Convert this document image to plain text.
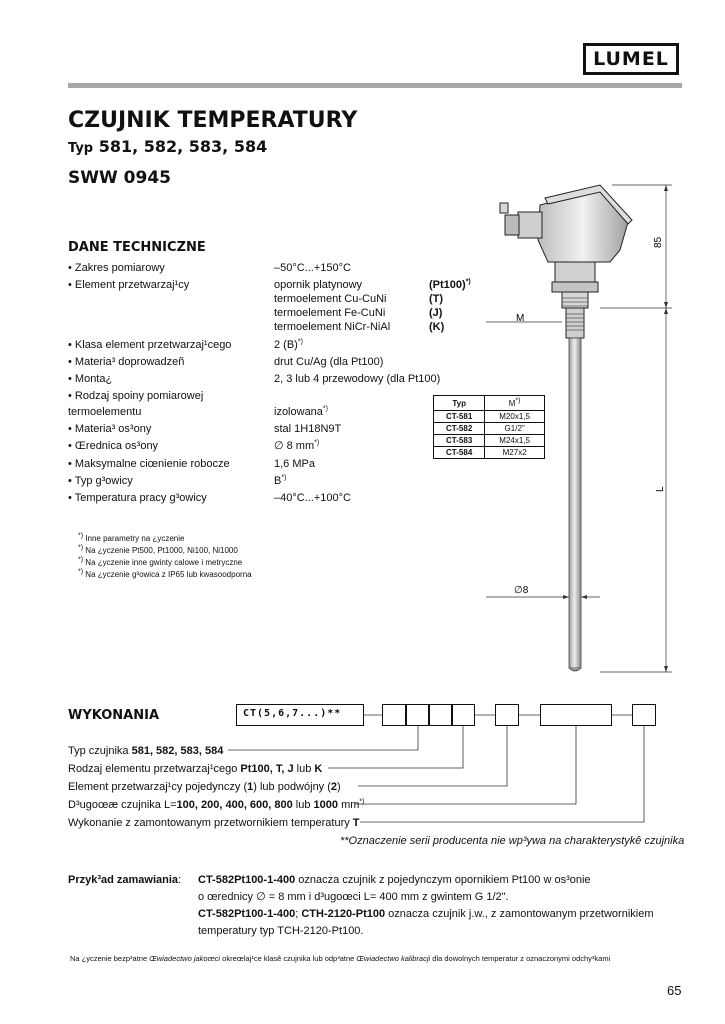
LUMEL
CZUJNIK TEMPERATURY
Typ 581, 582, 583, 584
SWW 0945
DANE TECHNICZNE
• Zakres pomiarowy	–50°C...+150°C
• Element przetwarzaj¹cy	opornik platynowy	(Pt100)*)
termoelement Cu-CuNi	(T)
termoelement Fe-CuNi	(J)
termoelement NiCr-NiAl	(K)
• Klasa element przetwarzaj¹cego	2 (B)*)
• Materia³ doprowadzeñ	drut Cu/Ag (dla Pt100)
• Monta¿	2, 3 lub 4 przewodowy (dla Pt100)
• Rodzaj spoiny pomiarowej
termoelementu	izolowana*)
• Materia³ os³ony	stal 1H18N9T
• Œrednica os³ony	∅ 8 mm*)
• Maksymalne ciœnienie robocze	1,6 MPa
• Typ g³owicy	B*)
• Temperatura pracy g³owicy	–40°C...+100°C
*) Inne parametry na ¿yczenie
*) Na ¿yczenie Pt500, Pt1000, Ni100, Ni1000
*) Na ¿yczenie inne gwinty calowe i metryczne
*) Na ¿yczenie g³owica z IP65 lub kwasoodporna
Typ	M*)
CT-581	M20x1,5
CT-582	G1/2"
CT-583	M24x1,5
CT-584	M27x2
85
M
L
∅8
WYKONANIA	CT(5,6,7...)**
Typ czujnika 581, 582, 583, 584
Rodzaj elementu przetwarzaj¹cego Pt100, T, J lub K
Element przetwarzaj¹cy pojedynczy (1) lub podwójny (2)
D³ugoœæ czujnika L=100, 200, 400, 600, 800 lub 1000 mm*)
Wykonanie z zamontowanym przetwornikiem temperatury T
**Oznaczenie serii producenta nie wp³ywa na charakterystykê czujnika
Przyk³ad zamawiania: CT-582Pt100-1-400 oznacza czujnik z pojedynczym opornikiem Pt100 w os³onie
o œrednicy ∅ = 8 mm i d³ugoœci L= 400 mm z gwintem G 1/2".
CT-582Pt100-1-400; CTH-2120-Pt100 oznacza czujnik j.w., z zamontowanym przetwornikiem
temperatury typ TCH-2120-Pt100.
Na ¿yczenie bezp³atne Œwiadectwo jakoœci okreœlaj¹ce klasê czujnika lub odp³atne Œwiadectwo kalibracji dla dowolnych temperatur z oznaczonymi odchy³kami
65
